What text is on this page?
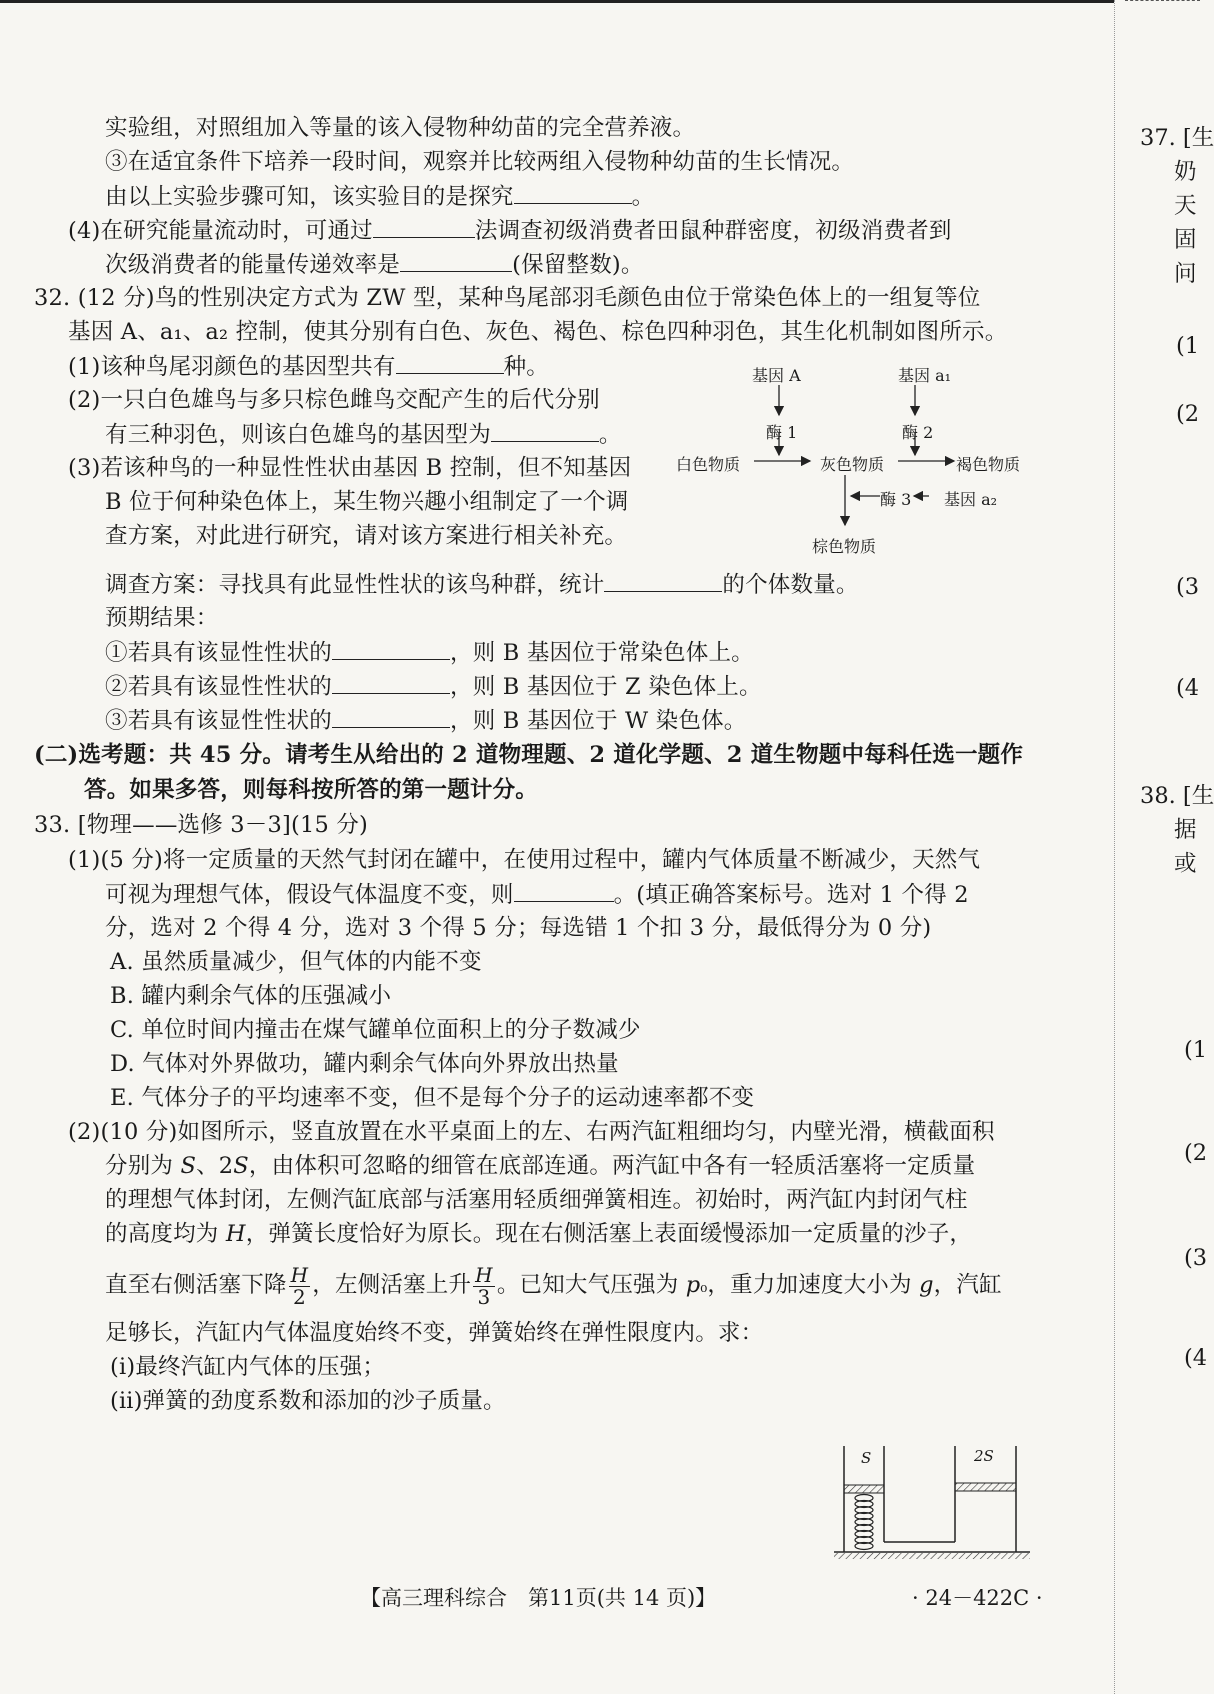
实验组，对照组加入等量的该入侵物种幼苗的完全营养液。
③在适宜条件下培养一段时间，观察并比较两组入侵物种幼苗的生长情况。
由以上实验步骤可知，该实验目的是探究	。
(4)在研究能量流动时，可通过	法调查初级消费者田鼠种群密度，初级消费者到
次级消费者的能量传递效率是	(保留整数)。
32. (12 分)鸟的性别决定方式为 ZW 型，某种鸟尾部羽毛颜色由位于常染色体上的一组复等位
基因 A、a₁、a₂ 控制，使其分别有白色、灰色、褐色、棕色四种羽色，其生化机制如图所示。
(1)该种鸟尾羽颜色的基因型共有	种。
(2)一只白色雄鸟与多只棕色雌鸟交配产生的后代分别
有三种羽色，则该白色雄鸟的基因型为	。
(3)若该种鸟的一种显性性状由基因 B 控制，但不知基因
B 位于何种染色体上，某生物兴趣小组制定了一个调
查方案，对此进行研究，请对该方案进行相关补充。
调查方案：寻找具有此显性性状的该鸟种群，统计	的个体数量。
预期结果：
①若具有该显性性状的	，则 B 基因位于常染色体上。
②若具有该显性性状的	，则 B 基因位于 Z 染色体上。
③若具有该显性性状的	，则 B 基因位于 W 染色体。
(二)选考题：共 45 分。请考生从给出的 2 道物理题、2 道化学题、2 道生物题中每科任选一题作
答。如果多答，则每科按所答的第一题计分。
33. [物理——选修 3－3](15 分)
(1)(5 分)将一定质量的天然气封闭在罐中，在使用过程中，罐内气体质量不断减少，天然气
可视为理想气体，假设气体温度不变，则	。(填正确答案标号。选对 1 个得 2
分，选对 2 个得 4 分，选对 3 个得 5 分；每选错 1 个扣 3 分，最低得分为 0 分)
A. 虽然质量减少，但气体的内能不变
B. 罐内剩余气体的压强减小
C. 单位时间内撞击在煤气罐单位面积上的分子数减少
D. 气体对外界做功，罐内剩余气体向外界放出热量
E. 气体分子的平均速率不变，但不是每个分子的运动速率都不变
(2)(10 分)如图所示，竖直放置在水平桌面上的左、右两汽缸粗细均匀，内壁光滑，横截面积
分别为 S、2S，由体积可忽略的细管在底部连通。两汽缸中各有一轻质活塞将一定质量
的理想气体封闭，左侧汽缸底部与活塞用轻质细弹簧相连。初始时，两汽缸内封闭气柱
的高度均为 H，弹簧长度恰好为原长。现在右侧活塞上表面缓慢添加一定质量的沙子，
直至右侧活塞下降 $\frac{H}{2}$ ，左侧活塞上升 $\frac{H}{3}$ 。已知大气压强为 p₀，重力加速度大小为 g，汽缸
足够长，汽缸内气体温度始终不变，弹簧始终在弹性限度内。求：
(ⅰ)最终汽缸内气体的压强；
(ⅱ)弹簧的劲度系数和添加的沙子质量。
基因 A	基因 a₁
酶 1	酶 2
白色物质	灰色物质	褐色物质
酶 3 基因 a₂
棕色物质
S	2S
37. [生
奶
天
固
问
(1
(2
(3
(4
38. [生
据
或
(1
(2
(3
(4
【高三理科综合　第11页(共 14 页)】	· 24－422C ·
